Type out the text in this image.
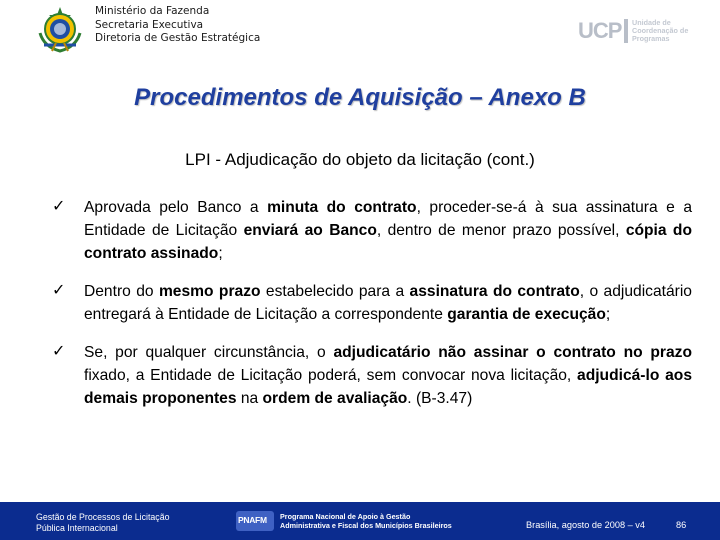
Ministério da Fazenda
Secretaria Executiva
Diretoria de Gestão Estratégica	UCP Unidade de
Coordenação de
Programas
Procedimentos de Aquisição – Anexo B
LPI - Adjudicação do objeto da licitação (cont.)
✓ Aprovada pelo Banco a minuta do contrato, proceder-se-á à sua assinatura e a Entidade de Licitação enviará ao Banco, dentro de menor prazo possível, cópia do contrato assinado;
✓ Dentro do mesmo prazo estabelecido para a assinatura do contrato, o adjudicatário entregará à Entidade de Licitação a correspondente garantia de execução;
✓ Se, por qualquer circunstância, o adjudicatário não assinar o contrato no prazo fixado, a Entidade de Licitação poderá, sem convocar nova licitação, adjudicá-lo aos demais proponentes na ordem de avaliação. (B-3.47)
Gestão de Processos de Licitação
Pública Internacional
PNAFM Programa Nacional de Apoio à Gestão
Administrativa e Fiscal dos Municípios Brasileiros	Brasília, agosto de 2008 – v4	86
